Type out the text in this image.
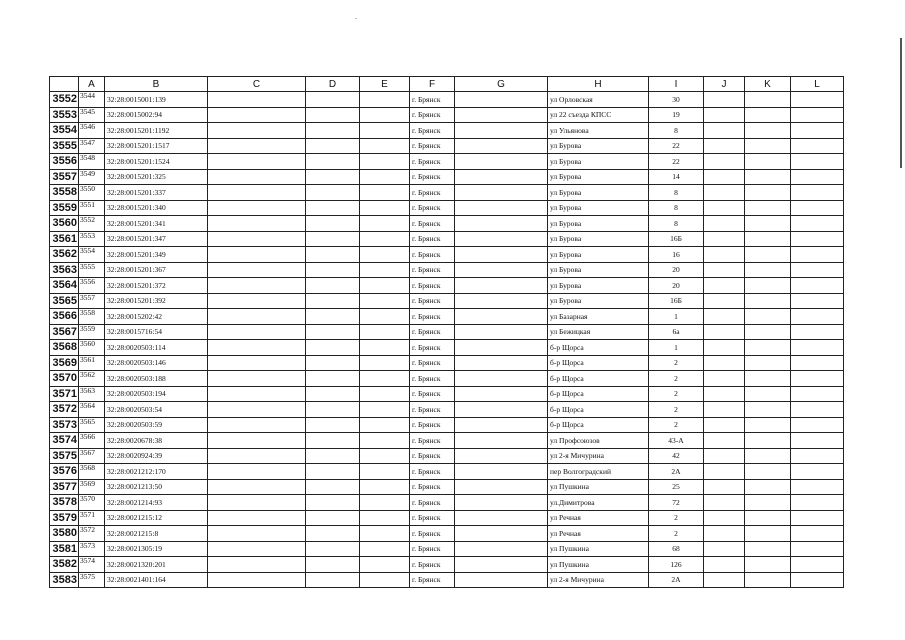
	A	B	C	D	E	F	G	H	I	J	K	L
3552	3544	32:28:0015001:139				г. Брянск		ул Орловская	30			
3553	3545	32:28:0015002:94				г. Брянск		ул 22 съезда КПСС	19			
3554	3546	32:28:0015201:1192				г. Брянск		ул Ульянова	8			
3555	3547	32:28:0015201:1517				г. Брянск		ул Бурова	22			
3556	3548	32:28:0015201:1524				г. Брянск		ул Бурова	22			
3557	3549	32:28:0015201:325				г. Брянск		ул Бурова	14			
3558	3550	32:28:0015201:337				г. Брянск		ул Бурова	8			
3559	3551	32:28:0015201:340				г. Брянск		ул Бурова	8			
3560	3552	32:28:0015201:341				г. Брянск		ул Бурова	8			
3561	3553	32:28:0015201:347				г. Брянск		ул Бурова	16Б			
3562	3554	32:28:0015201:349				г. Брянск		ул Бурова	16			
3563	3555	32:28:0015201:367				г. Брянск		ул Бурова	20			
3564	3556	32:28:0015201:372				г. Брянск		ул Бурова	20			
3565	3557	32:28:0015201:392				г. Брянск		ул Бурова	16Б			
3566	3558	32:28:0015202:42				г. Брянск		ул Базарная	1			
3567	3559	32:28:0015716:54				г. Брянск		ул Бежицкая	6а			
3568	3560	32:28:0020503:114				г. Брянск		б-р Щорса	1			
3569	3561	32:28:0020503:146				г. Брянск		б-р Щорса	2			
3570	3562	32:28:0020503:188				г. Брянск		б-р Щорса	2			
3571	3563	32:28:0020503:194				г. Брянск		б-р Щорса	2			
3572	3564	32:28:0020503:54				г. Брянск		б-р Щорса	2			
3573	3565	32:28:0020503:59				г. Брянск		б-р Щорса	2			
3574	3566	32:28:0020678:38				г. Брянск		ул Профсоюзов	43-А			
3575	3567	32:28:0020924:39				г. Брянск		ул 2-я Мичурина	42			
3576	3568	32:28:0021212:170				г. Брянск		пер Волгоградский	2А			
3577	3569	32:28:0021213:50				г. Брянск		ул Пушкина	25			
3578	3570	32:28:0021214:93				г. Брянск		ул.Димитрова	72			
3579	3571	32:28:0021215:12				г. Брянск		ул Речная	2			
3580	3572	32:28:0021215:8				г. Брянск		ул Речная	2			
3581	3573	32:28:0021305:19				г. Брянск		ул Пушкина	68			
3582	3574	32:28:0021320:201				г. Брянск		ул Пушкина	126			
3583	3575	32:28:0021401:164				г. Брянск		ул 2-я Мичурина	2А			
